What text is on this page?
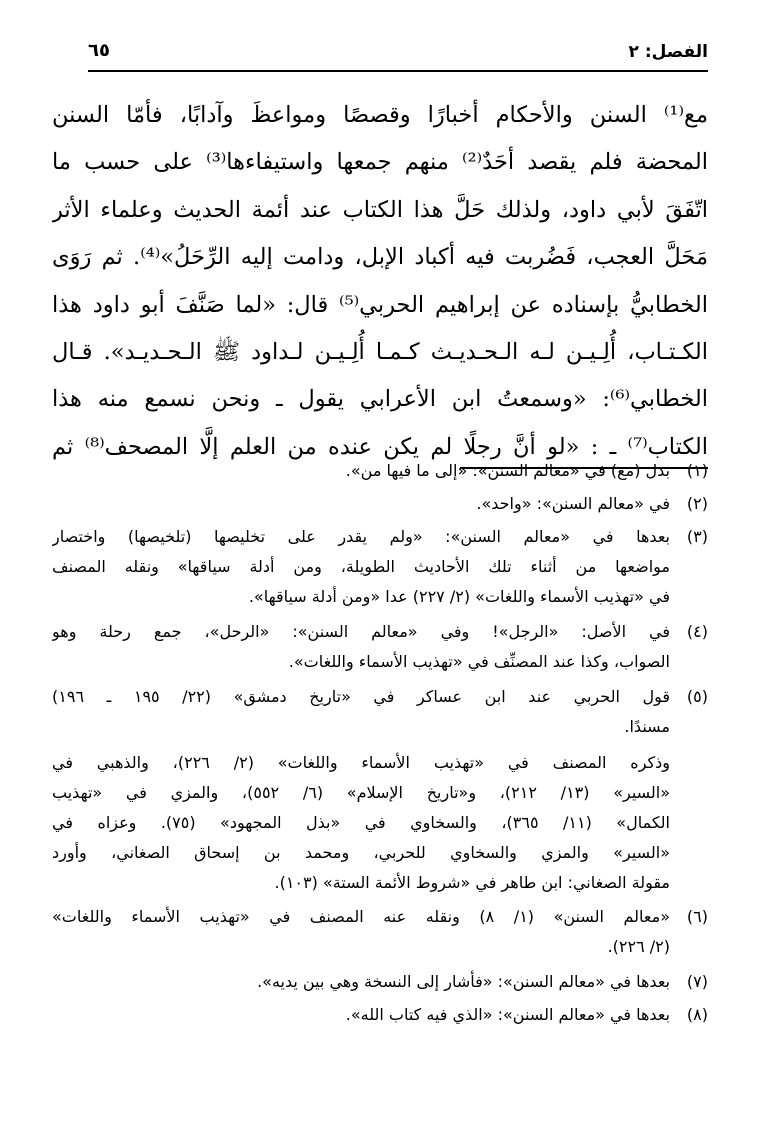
الفصل: ٢
٦٥
مع⁽¹⁾ السنن والأحكام أخبارًا وقصصًا ومواعظَ وآدابًا، فأمّا السنن
المحضة فلم يقصد أحَدٌ⁽²⁾ منهم جمعها واستيفاءها⁽³⁾ على حسب ما
اتّفَقَ لأبي داود، ولذلك حَلَّ هذا الكتاب عند أئمة الحديث وعلماء الأثر
مَحَلَّ العجب، فَضُربت فيه أكباد الإبل، ودامت إليه الرِّحَلُ»⁽⁴⁾. ثم رَوَى
الخطابيُّ بإسناده عن إبراهيم الحربي⁽⁵⁾ قال: «لما صَنَّفَ أبو داود هذا
الكـتـاب، أُلِـيـن لـه الـحـديـث كـمـا أُلِـيـن لـداود ﷺ الـحـديـد». قـال
الخطابي⁽⁶⁾: «وسمعتُ ابن الأعرابي يقول ـ ونحن نسمع منه هذا
الكتاب⁽⁷⁾ ـ : «لو أنَّ رجلًا لم يكن عنده من العلم إلَّا المصحف⁽⁸⁾ ثم
(١)
بدل (مع) في «معالم السنن»: «إلى ما فيها من».
(٢)
في «معالم السنن»: «واحد».
(٣)
بعدها في «معالم السنن»: «ولم يقدر على تخليصها (تلخيصها) واختصار
مواضعها من أثناء تلك الأحاديث الطويلة، ومن أدلة سياقها» ونقله المصنف
في «تهذيب الأسماء واللغات» (٢/ ٢٢٧) عدا «ومن أدلة سياقها».
(٤)
في الأصل: «الرجل»! وفي «معالم السنن»: «الرحل»، جمع رحلة وهو
الصواب، وكذا عند المصنِّف في «تهذيب الأسماء واللغات».
(٥)
قول الحربي عند ابن عساكر في «تاريخ دمشق» (٢٢/ ١٩٥ ـ ١٩٦)
مسندًا.
وذكره المصنف في «تهذيب الأسماء واللغات» (٢/ ٢٢٦)، والذهبي في
«السير» (١٣/ ٢١٢)، و«تاريخ الإسلام» (٦/ ٥٥٢)، والمزي في «تهذيب
الكمال» (١١/ ٣٦٥)، والسخاوي في «بذل المجهود» (٧٥). وعزاه في
«السير» والمزي والسخاوي للحربي، ومحمد بن إسحاق الصغاني، وأورد
مقولة الصغاني: ابن طاهر في «شروط الأئمة الستة» (١٠٣).
(٦)
«معالم السنن» (١/ ٨) ونقله عنه المصنف في «تهذيب الأسماء واللغات»
(٢/ ٢٢٦).
(٧)
بعدها في «معالم السنن»: «فأشار إلى النسخة وهي بين يديه».
(٨)
بعدها في «معالم السنن»: «الذي فيه كتاب الله».
